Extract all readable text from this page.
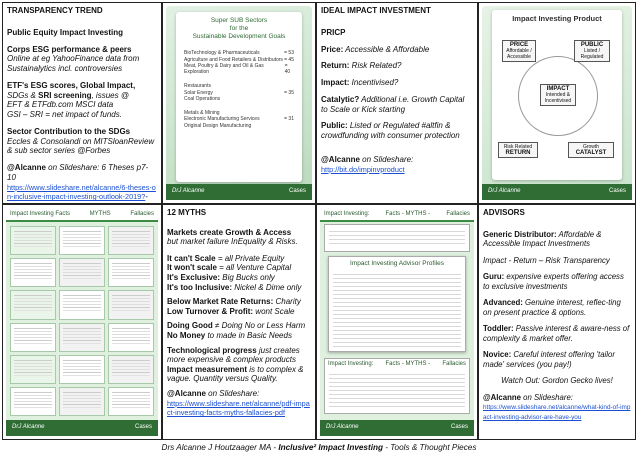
TRANSPARENCY TREND

Public Equity Impact Investing

Corps ESG performance & peers
Online at eg YahooFinance data from Sustainalytics incl. controversies

ETF's ESG scores, Global Impact,
SDGs & SRI screening, issues @
EFT & ETFdb.com MSCI data
GSI – SRI = net impact of funds.

Sector Contribution to the SDGs
Eccles & Consolandi on MITSloanReview & sub sector series @Forbes

@Alcanne on Slideshare: 6 Theses p7-10
https://www.slideshare.net/alcanne/6-theses-on-inclusive-impact-investing-outlook-2019?-

Super SUB Sectors
for the
Sustainable Development Goals
BioTechnology & Pharmaceuticals	= 53
Agriculture and Food Retailers & Distributors = 45
Meat, Poultry & Dairy and Oil & Gas Exploration
= 40
Restaurants
Solar Energy	= 35
Coal Operations
Metals & Mining
Electronic Manufacturing Services	= 31
Original Design Manufacturing
DrJ Alcanne	Cases
IDEAL IMPACT INVESTMENT

PRICP

Price: Accessible & Affordable

Return: Risk Related?

Impact: Incentivised?

Catalytic? Additional i.e. Growth Capital to Scale or Kick starting

Public: Listed or Regulated #altfin & crowdfunding with consumer protection

@Alcanne on Slideshare:
http://bit.do/impinvproduct

Impact Investing Product
PRICE
Affordable / Accessible
PUBLIC
Listed / Regulated
IMPACT
Intended & Incentivised
Risk Related
RETURN
Growth
CATALYST
DrJ Alcanne	Cases
Impact Investing Facts	MYTHS	Fallacies
DrJ Alcanne	Cases
12 MYTHS

Markets create Growth & Access
but market failure InEquality & Risks.

It can't Scale = all Private Equity
It won't scale = all Venture Capital
It's Exclusive: Big Bucks only
It's too Inclusive: Nickel & Dime only

Below Market Rate Returns: Charity
Low Turnover & Profit: wont Scale

Doing Good ≠ Doing No or Less Harm
No Money to made in Basic Needs

Technological progress just creates more expensive & complex products
Impact measurement is to complex & vague. Quantity versus Quality.

@Alcanne on Slideshare:
https://www.slideshare.net/alcanne/pdf-impact-investing-facts-myths-fallacies-pdf

Impact Investing:	Facts - MYTHS -	Fallacies
Impact Investing Advisor Profiles
Impact Investing: Facts - MYTHS - Fallacies
DrJ Alcanne	Cases
ADVISORS

Generic Distributor: Affordable & Accessible Impact Investments

Impact - Return – Risk Transparency

Guru: expensive experts offering access to exclusive investments

Advanced: Genuine interest, reflec-ting on present practice & options.

Toddler: Passive interest & aware-ness of complexity & market offer.

Novice: Careful interest offering 'tailor made' services (you pay!)

Watch Out: Gordon Gecko lives!

@Alcanne on Slideshare:
https://www.slideshare.net/alcanne/what-kind-of-impact-investing-advisor-are-have-you

Drs Alcanne J Houtzaager MA - Inclusive² Impact Investing - Tools & Thought Pieces
